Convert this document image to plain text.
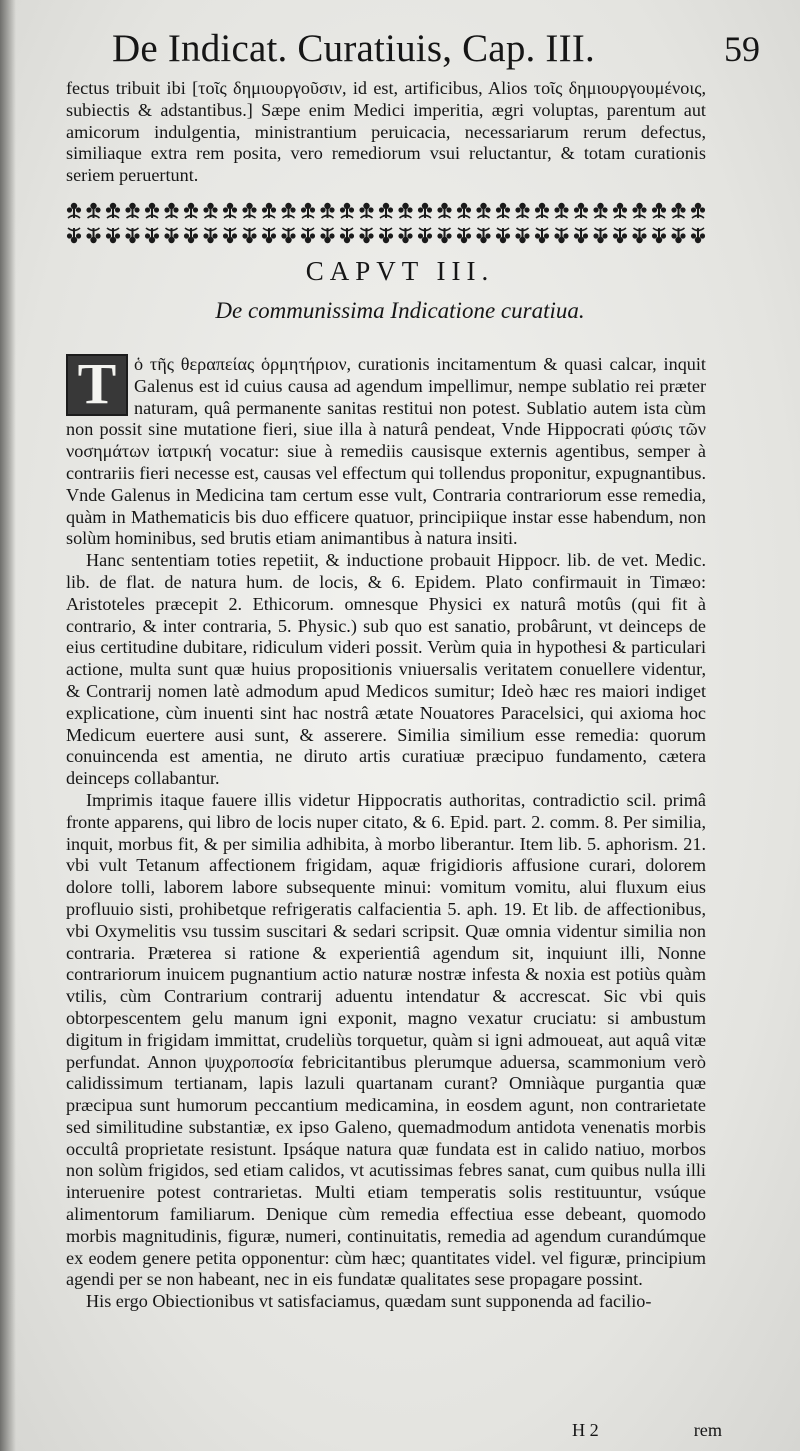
De Indicat. Curatiuis, Cap. III.	59

fectus tribuit ibi [τοῖς δημιουργοῦσιν, id est, artificibus, Alios τοῖς δημιουργουμένοις, subiectis & adstantibus.] Sæpe enim Medici imperitia, ægri voluptas, parentum aut amicorum indulgentia, ministrantium peruicacia, necessariarum rerum defectus, similiaque extra rem posita, vero remediorum vsui reluctantur, & totam curationis seriem peruertunt.

CAPVT III.
De communissima Indicatione curatiua.
T ὁ τῆς θεραπείας ὁρμητήριον, curationis incitamentum & quasi calcar, inquit Galenus est id cuius causa ad agendum impellimur, nempe sublatio rei præter naturam, quâ permanente sanitas restitui non potest. Sublatio autem ista cùm non possit sine mutatione fieri, siue illa à naturâ pendeat, Vnde Hippocrati φύσις τῶν νοσημάτων ἰατρική vocatur: siue à remediis causisque externis agentibus, semper à contrariis fieri necesse est, causas vel effectum qui tollendus proponitur, expugnantibus. Vnde Galenus in Medicina tam certum esse vult, Contraria contrariorum esse remedia, quàm in Mathematicis bis duo efficere quatuor, principiique instar esse habendum, non solùm hominibus, sed brutis etiam animantibus à natura insiti.

Hanc sententiam toties repetiit, & inductione probauit Hippocr. lib. de vet. Medic. lib. de flat. de natura hum. de locis, & 6. Epidem. Plato confirmauit in Timæo: Aristoteles præcepit 2. Ethicorum. omnesque Physici ex naturâ motûs (qui fit à contrario, & inter contraria, 5. Physic.) sub quo est sanatio, probârunt, vt deinceps de eius certitudine dubitare, ridiculum videri possit. Verùm quia in hypothesi & particulari actione, multa sunt quæ huius propositionis vniuersalis veritatem conuellere videntur, & Contrarij nomen latè admodum apud Medicos sumitur; Ideò hæc res maiori indiget explicatione, cùm inuenti sint hac nostrâ ætate Nouatores Paracelsici, qui axioma hoc Medicum euertere ausi sunt, & asserere. Similia similium esse remedia: quorum conuincenda est amentia, ne diruto artis curatiuæ præcipuo fundamento, cætera deinceps collabantur.

Imprimis itaque fauere illis videtur Hippocratis authoritas, contradictio scil. primâ fronte apparens, qui libro de locis nuper citato, & 6. Epid. part. 2. comm. 8. Per similia, inquit, morbus fit, & per similia adhibita, à morbo liberantur. Item lib. 5. aphorism. 21. vbi vult Tetanum affectionem frigidam, aquæ frigidioris affusione curari, dolorem dolore tolli, laborem labore subsequente minui: vomitum vomitu, alui fluxum eius profluuio sisti, prohibetque refrigeratis calfacientia 5. aph. 19. Et lib. de affectionibus, vbi Oxymelitis vsu tussim suscitari & sedari scripsit. Quæ omnia videntur similia non contraria. Præterea si ratione & experientiâ agendum sit, inquiunt illi, Nonne contrariorum inuicem pugnantium actio naturæ nostræ infesta & noxia est potiùs quàm vtilis, cùm Contrarium contrarij aduentu intendatur & accrescat. Sic vbi quis obtorpescentem gelu manum igni exponit, magno vexatur cruciatu: si ambustum digitum in frigidam immittat, crudeliùs torquetur, quàm si igni admoueat, aut aquâ vitæ perfundat. Annon ψυχροποσία febricitantibus plerumque aduersa, scammonium verò calidissimum tertianam, lapis lazuli quartanam curant? Omniàque purgantia quæ præcipua sunt humorum peccantium medicamina, in eosdem agunt, non contrarietate sed similitudine substantiæ, ex ipso Galeno, quemadmodum antidota venenatis morbis occultâ proprietate resistunt. Ipsáque natura quæ fundata est in calido natiuo, morbos non solùm frigidos, sed etiam calidos, vt acutissimas febres sanat, cum quibus nulla illi interuenire potest contrarietas. Multi etiam temperatis solis restituuntur, vsúque alimentorum familiarum. Denique cùm remedia effectiua esse debeant, quomodo morbis magnitudinis, figuræ, numeri, continuitatis, remedia ad agendum curandúmque ex eodem genere petita opponentur: cùm hæc; quantitates videl. vel figuræ, principium agendi per se non habeant, nec in eis fundatæ qualitates sese propagare possint.

His ergo Obiectionibus vt satisfaciamus, quædam sunt supponenda ad facilio-

H 2	rem
